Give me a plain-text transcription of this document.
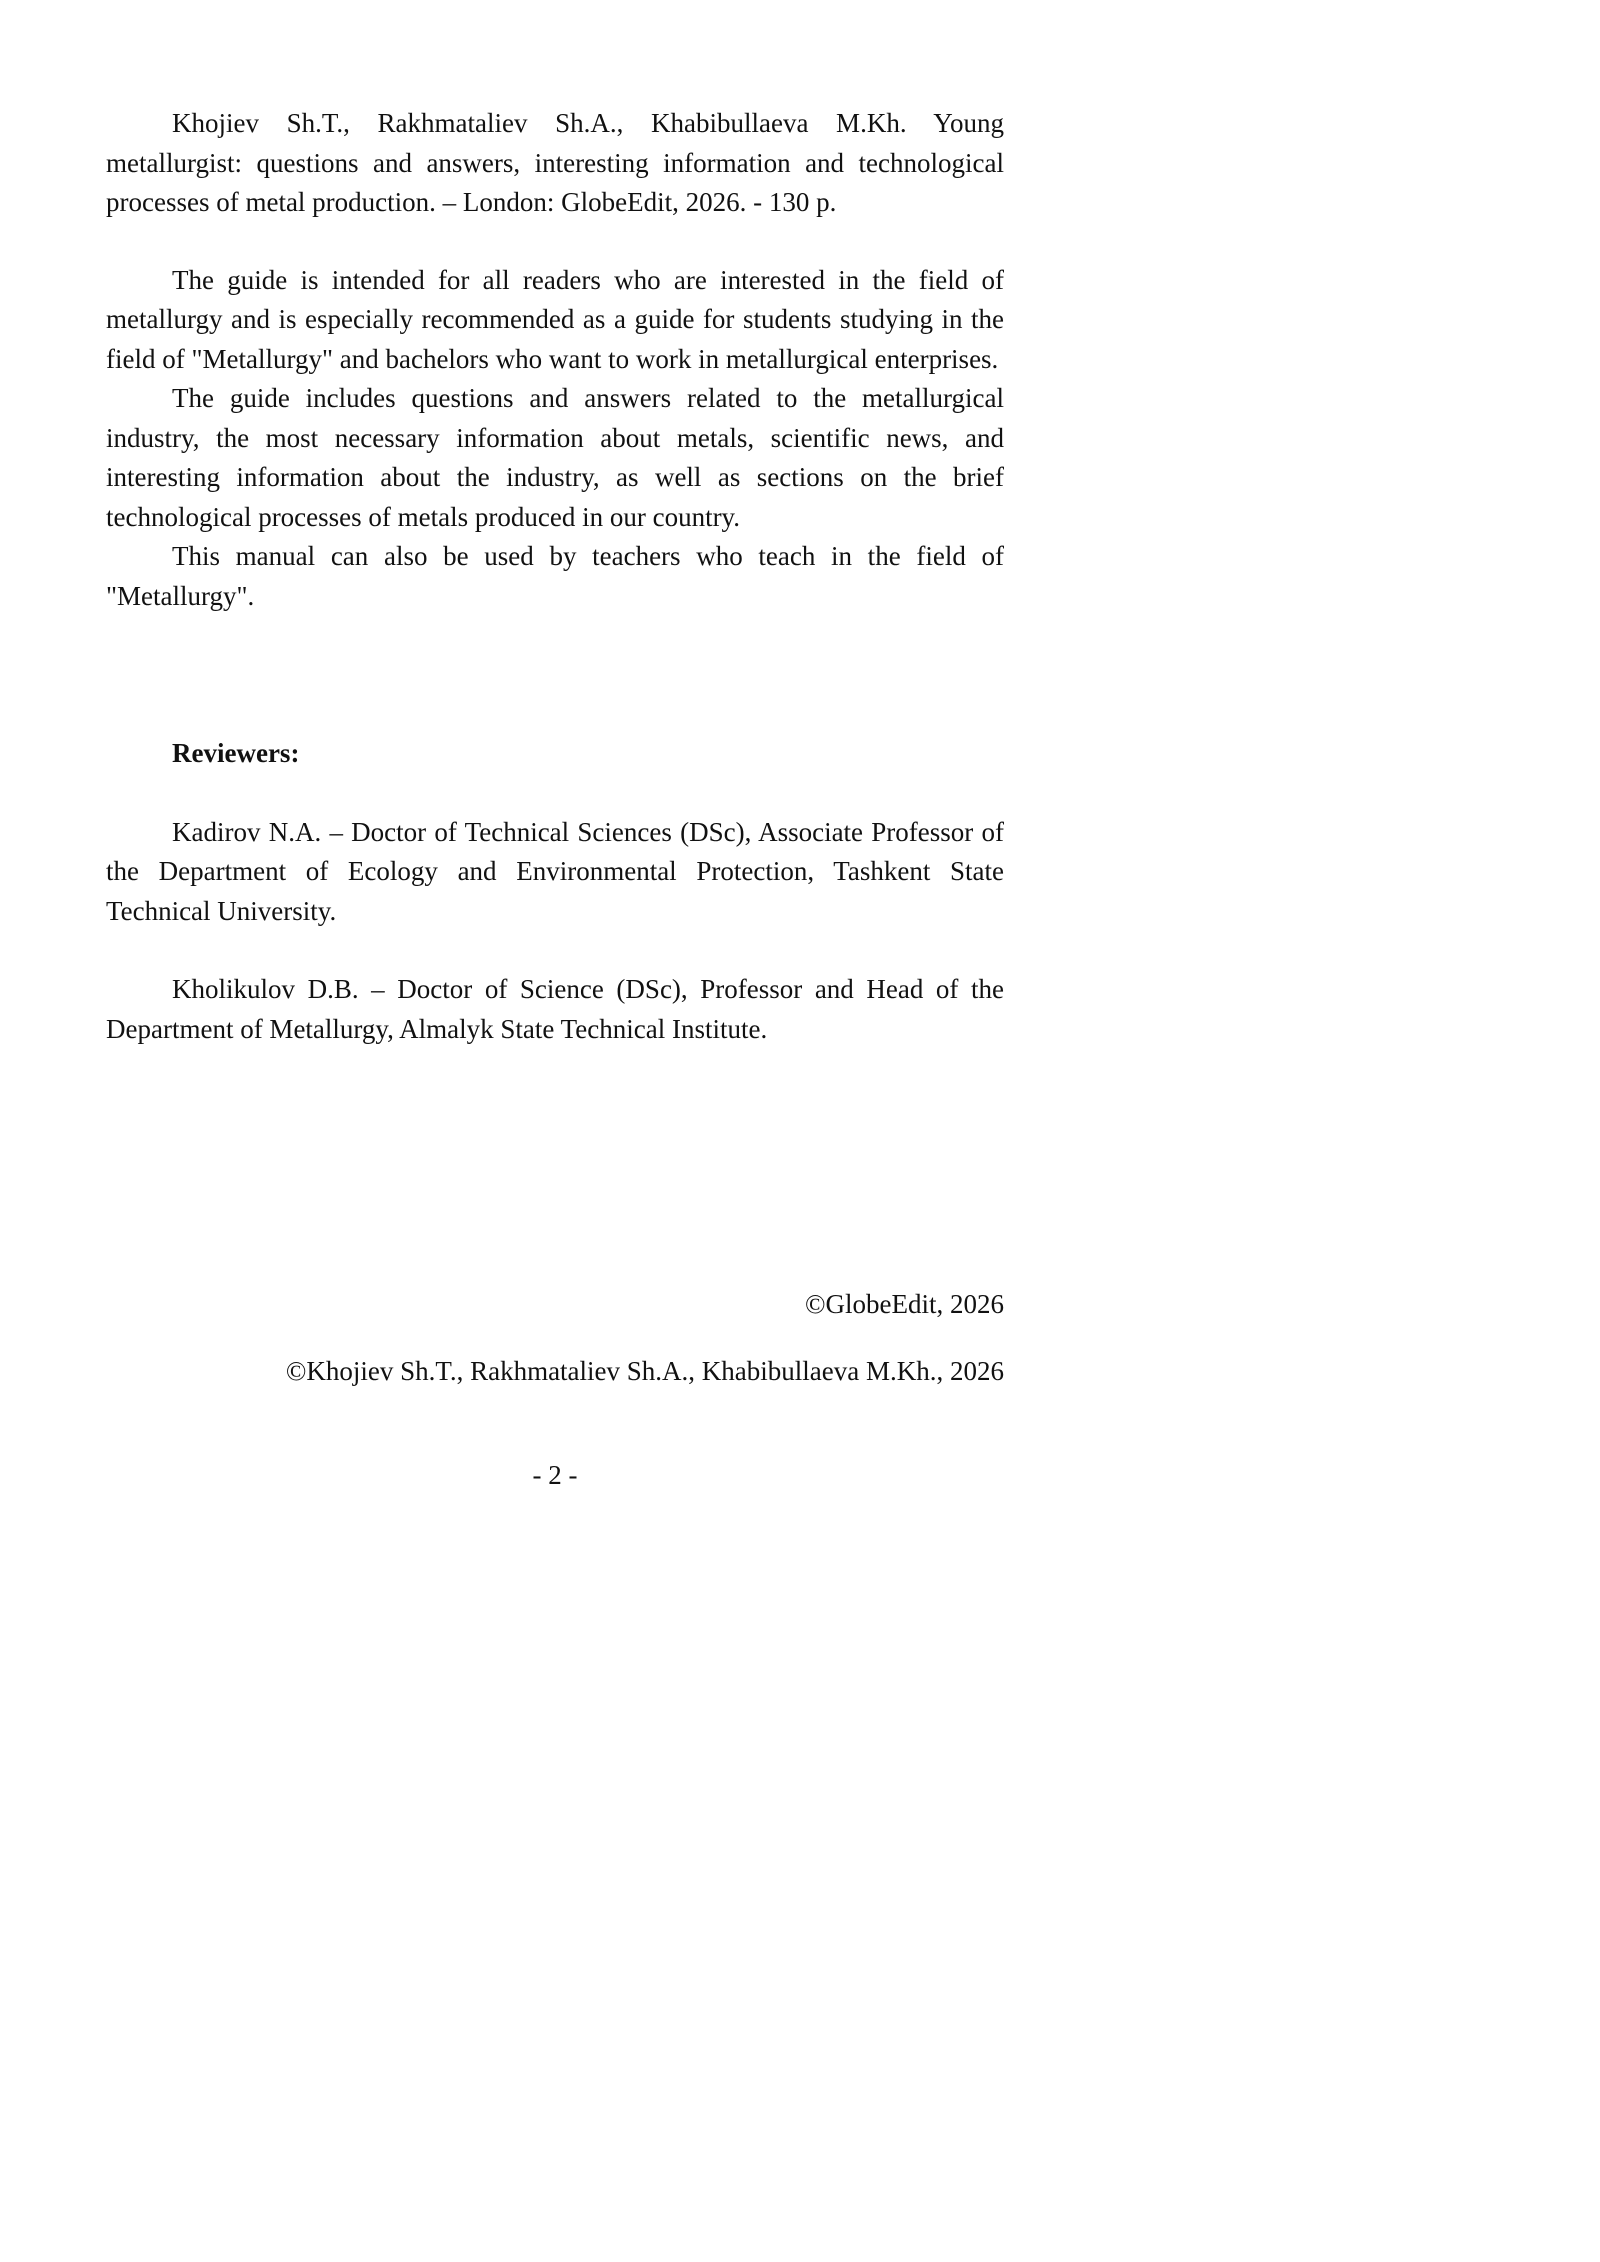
Khojiev Sh.T., Rakhmataliev Sh.A., Khabibullaeva M.Kh. Young metallurgist: questions and answers, interesting information and technological processes of metal production. – London: GlobeEdit, 2026. - 130 p.

The guide is intended for all readers who are interested in the field of metallurgy and is especially recommended as a guide for students studying in the field of "Metallurgy" and bachelors who want to work in metallurgical enterprises.

The guide includes questions and answers related to the metallurgical industry, the most necessary information about metals, scientific news, and interesting information about the industry, as well as sections on the brief technological processes of metals produced in our country.

This manual can also be used by teachers who teach in the field of "Metallurgy".

Reviewers:

Kadirov N.A. – Doctor of Technical Sciences (DSc), Associate Professor of the Department of Ecology and Environmental Protection, Tashkent State Technical University.

Kholikulov D.B. – Doctor of Science (DSc), Professor and Head of the Department of Metallurgy, Almalyk State Technical Institute.

©GlobeEdit, 2026

©Khojiev Sh.T., Rakhmataliev Sh.A., Khabibullaeva M.Kh., 2026

- 2 -
